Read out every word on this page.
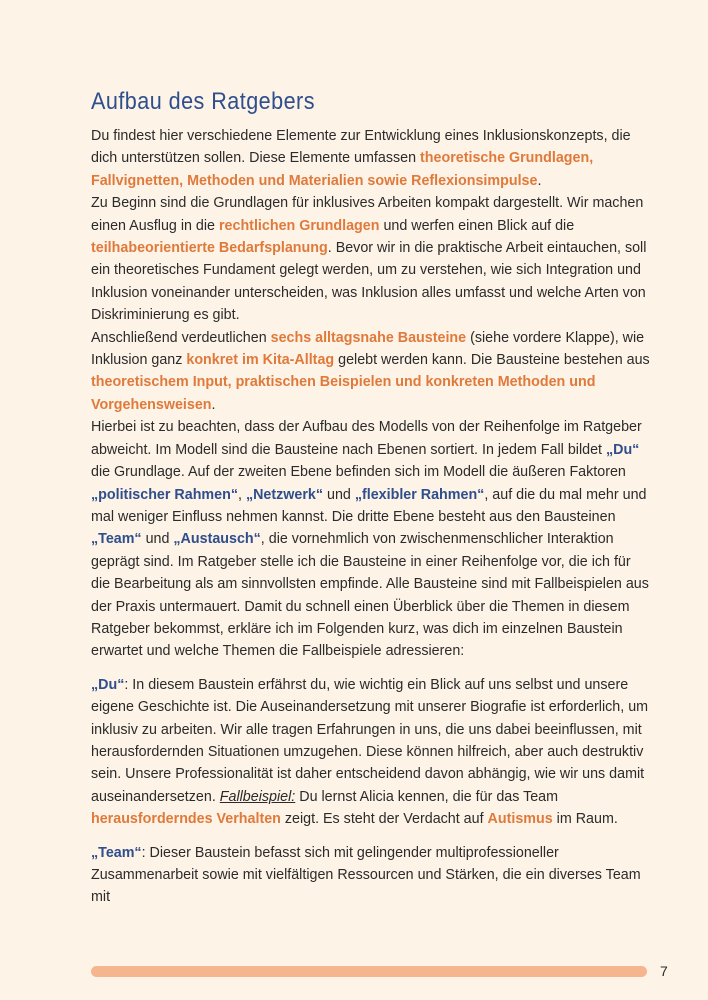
Aufbau des Ratgebers

Du findest hier verschiedene Elemente zur Entwicklung eines Inklusionskonzepts, die dich unterstützen sollen. Diese Elemente umfassen theoretische Grundlagen, Fallvignetten, Methoden und Materialien sowie Reflexionsimpulse.

Zu Beginn sind die Grundlagen für inklusives Arbeiten kompakt dargestellt. Wir machen einen Ausflug in die rechtlichen Grundlagen und werfen einen Blick auf die teilhabeorientierte Bedarfsplanung. Bevor wir in die praktische Arbeit eintauchen, soll ein theoretisches Fundament gelegt werden, um zu verstehen, wie sich Integration und Inklusion voneinander unterscheiden, was Inklusion alles umfasst und welche Arten von Diskriminierung es gibt.

Anschließend verdeutlichen sechs alltagsnahe Bausteine (siehe vordere Klappe), wie Inklusion ganz konkret im Kita-Alltag gelebt werden kann. Die Bausteine bestehen aus theoretischem Input, praktischen Beispielen und konkreten Methoden und Vorgehensweisen.

Hierbei ist zu beachten, dass der Aufbau des Modells von der Reihenfolge im Ratgeber abweicht. Im Modell sind die Bausteine nach Ebenen sortiert. In jedem Fall bildet „Du“ die Grundlage. Auf der zweiten Ebene befinden sich im Modell die äußeren Faktoren „politischer Rahmen“, „Netzwerk“ und „flexibler Rahmen“, auf die du mal mehr und mal weniger Einfluss nehmen kannst. Die dritte Ebene besteht aus den Bausteinen „Team“ und „Austausch“, die vornehmlich von zwischenmenschlicher Interaktion geprägt sind. Im Ratgeber stelle ich die Bausteine in einer Reihenfolge vor, die ich für die Bearbeitung als am sinnvollsten empfinde. Alle Bausteine sind mit Fallbeispielen aus der Praxis untermauert. Damit du schnell einen Überblick über die Themen in diesem Ratgeber bekommst, erkläre ich im Folgenden kurz, was dich im einzelnen Baustein erwartet und welche Themen die Fallbeispiele adressieren:

„Du“: In diesem Baustein erfährst du, wie wichtig ein Blick auf uns selbst und unsere eigene Geschichte ist. Die Auseinandersetzung mit unserer Biografie ist erforderlich, um inklusiv zu arbeiten. Wir alle tragen Erfahrungen in uns, die uns dabei beeinflussen, mit herausfordernden Situationen umzugehen. Diese können hilfreich, aber auch destruktiv sein. Unsere Professionalität ist daher entscheidend davon abhängig, wie wir uns damit auseinandersetzen. Fallbeispiel: Du lernst Alicia kennen, die für das Team herausforderndes Verhalten zeigt. Es steht der Verdacht auf Autismus im Raum.

„Team“: Dieser Baustein befasst sich mit gelingender multiprofessioneller Zusammenarbeit sowie mit vielfältigen Ressourcen und Stärken, die ein diverses Team mit

7
